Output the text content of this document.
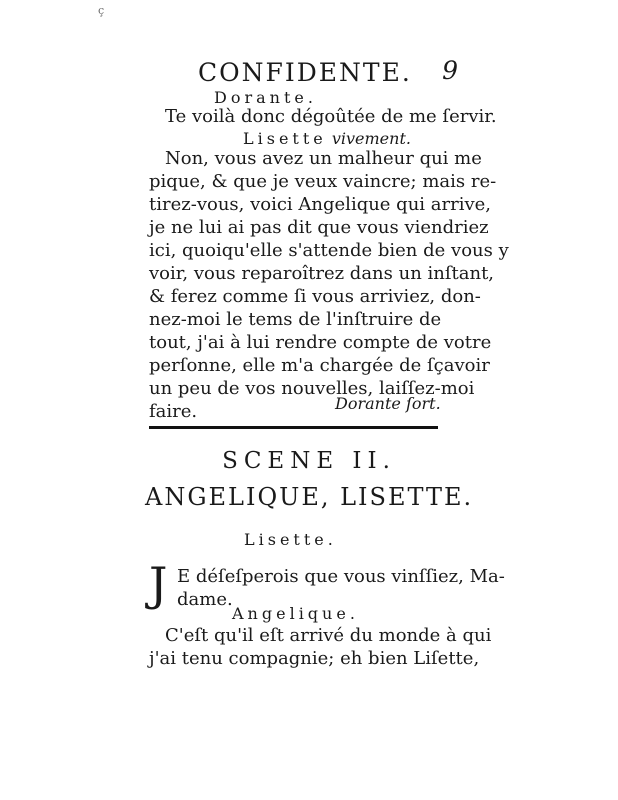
ç
CONFIDENTE. 9
Dorante.
Te voilà donc dégoûtée de me ſervir.
Lisette vivement.
Non, vous avez un malheur qui me
pique, & que je veux vaincre; mais re-
tirez-vous, voici Angelique qui arrive,
je ne lui ai pas dit que vous viendriez
ici, quoiqu'elle s'attende bien de vous y
voir, vous reparoîtrez dans un inſtant,
& ferez comme ſi vous arriviez, don-
nez-moi le tems de l'inſtruire de
tout, j'ai à lui rendre compte de votre
perſonne, elle m'a chargée de ſçavoir
un peu de vos nouvelles, laiſſez-moi
faire.	Dorante ſort.
SCENE II.
ANGELIQUE, LISETTE.
Lisette.
J E déſeſperois que vous vinſſiez, Ma-
dame.
Angelique.
C'eſt qu'il eſt arrivé du monde à qui
j'ai tenu compagnie; eh bien Liſette,
